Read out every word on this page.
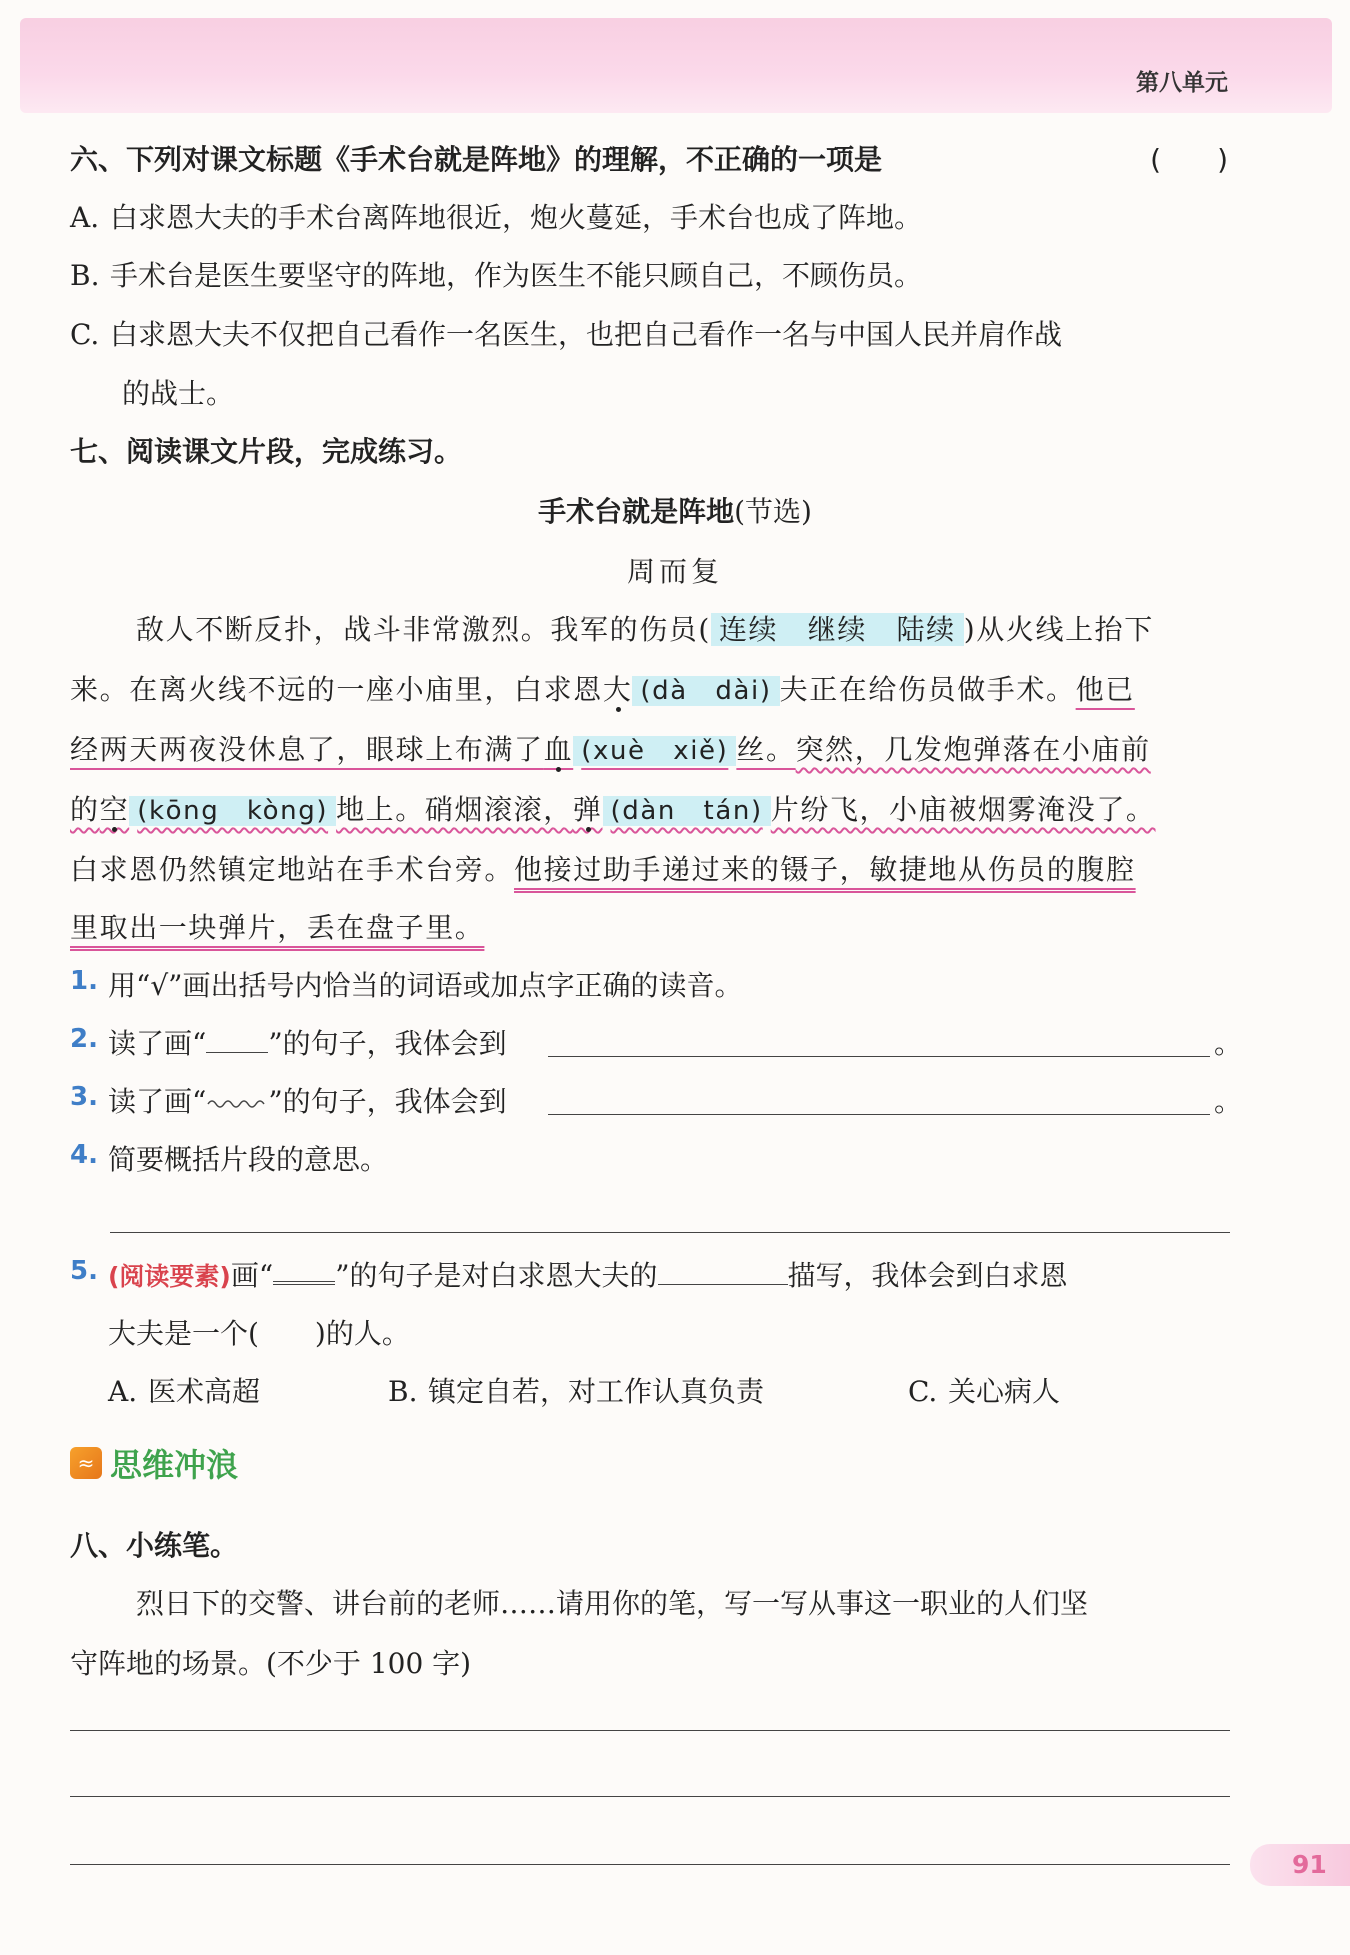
第八单元
六、下列对课文标题《手术台就是阵地》的理解，不正确的一项是	(　　)
A. 白求恩大夫的手术台离阵地很近，炮火蔓延，手术台也成了阵地。
B. 手术台是医生要坚守的阵地，作为医生不能只顾自己，不顾伤员。
C. 白求恩大夫不仅把自己看作一名医生，也把自己看作一名与中国人民并肩作战
的战士。
七、阅读课文片段，完成练习。
手术台就是阵地(节选)
周而复
敌人不断反扑，战斗非常激烈。我军的伤员( 连续　继续　陆续 )从火线上抬下
来。在离火线不远的一座小庙里，白求恩大 (dà　dài) 夫正在给伤员做手术。他已
经两天两夜没休息了，眼球上布满了血 (xuè　xiě) 丝。突然，几发炮弹落在小庙前
的空 (kōng　kòng) 地上。硝烟滚滚，弹 (dàn　tán) 片纷飞，小庙被烟雾淹没了。
白求恩仍然镇定地站在手术台旁。他接过助手递过来的镊子，敏捷地从伤员的腹腔
里取出一块弹片，丢在盘子里。
1. 用“√”画出括号内恰当的词语或加点字正确的读音。
2. 读了画“ ”的句子，我体会到	。
3. 读了画“ ”的句子，我体会到	。
4. 简要概括片段的意思。
5. (阅读要素)画“ ”的句子是对白求恩大夫的	描写，我体会到白求恩
大夫是一个(　　)的人。
A. 医术高超	B. 镇定自若，对工作认真负责	C. 关心病人
≈ 思维冲浪
八、小练笔。
烈日下的交警、讲台前的老师……请用你的笔，写一写从事这一职业的人们坚
守阵地的场景。(不少于 100 字)
91
